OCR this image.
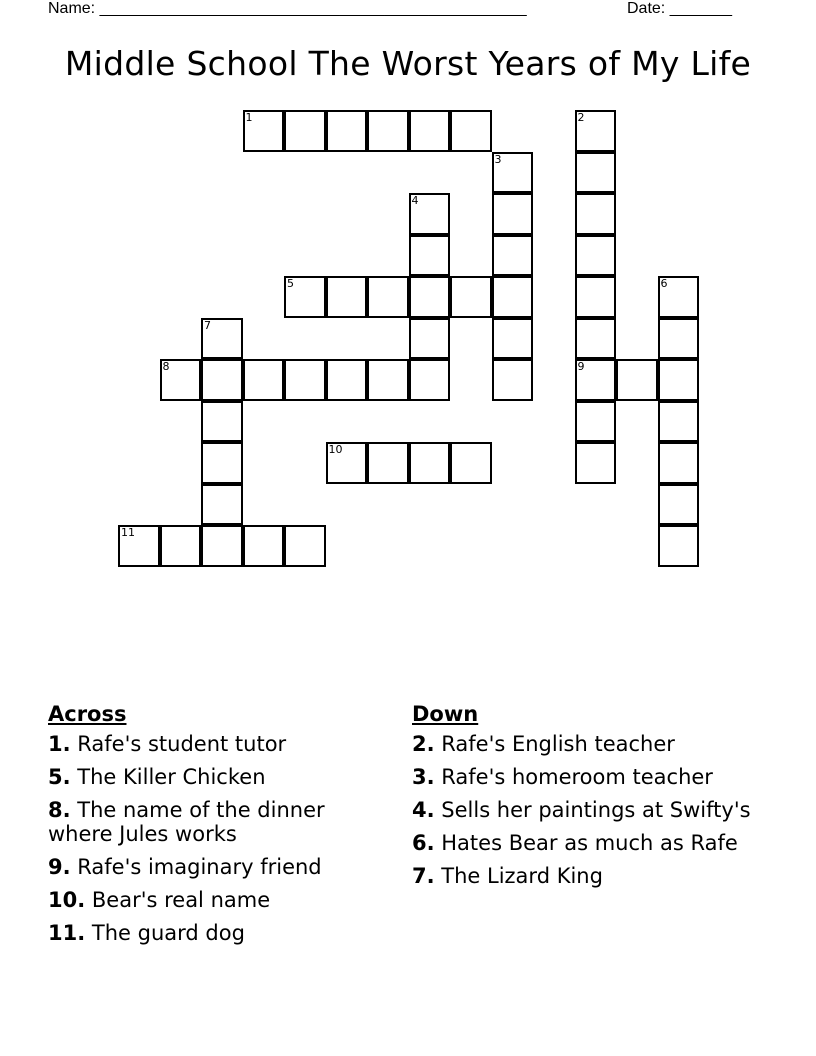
Name: ________________________________________________	Date: _______
Middle School The Worst Years of My Life
1	2
9
3
4
5	6
7
8
10
11
Across
1. Rafe's student tutor
5. The Killer Chicken
8. The name of the dinner where Jules works
9. Rafe's imaginary friend
10. Bear's real name
11. The guard dog
Down
2. Rafe's English teacher
3. Rafe's homeroom teacher
4. Sells her paintings at Swifty's
6. Hates Bear as much as Rafe
7. The Lizard King
